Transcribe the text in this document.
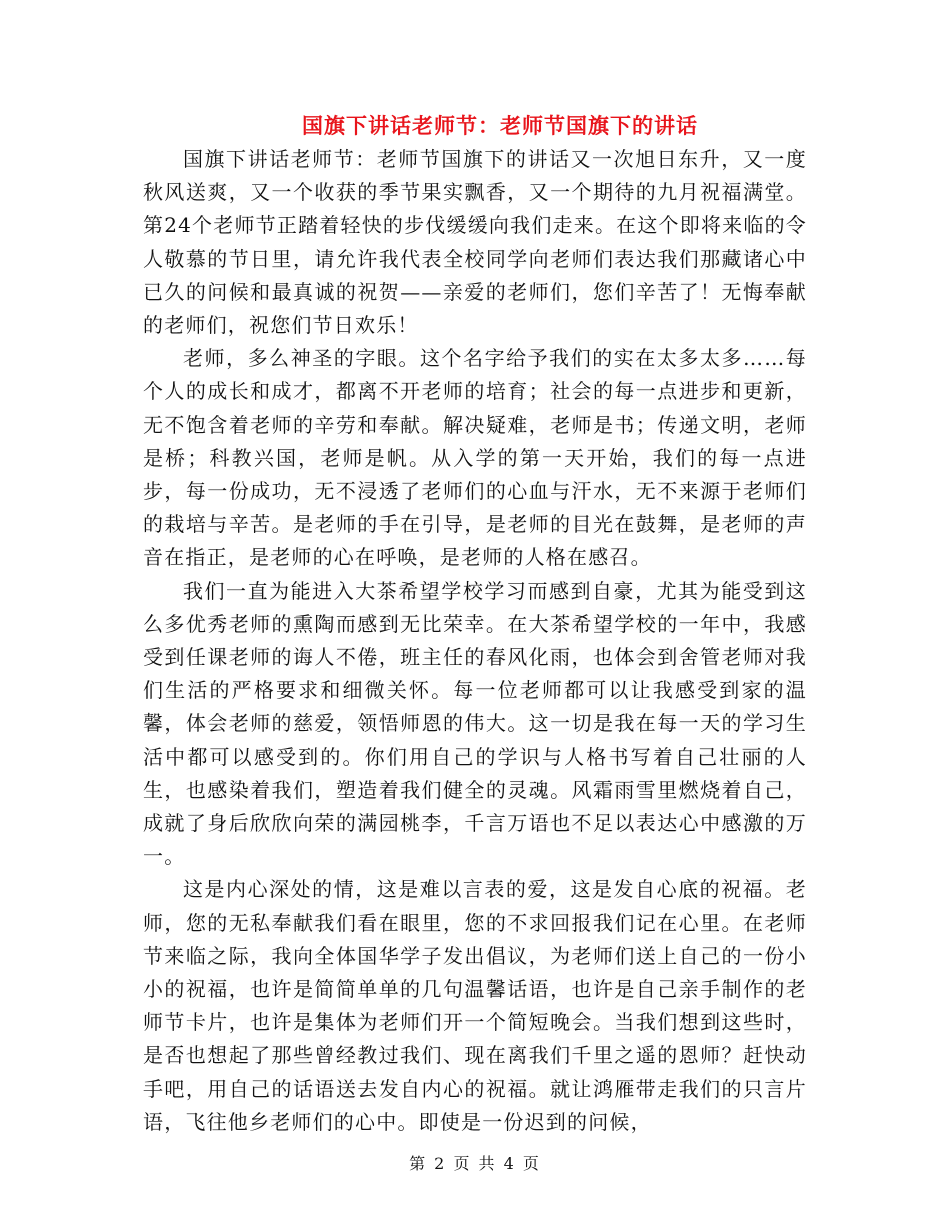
国旗下讲话老师节：老师节国旗下的讲话

国旗下讲话老师节：老师节国旗下的讲话又一次旭日东升，又一度秋风送爽，又一个收获的季节果实飘香，又一个期待的九月祝福满堂。第24个老师节正踏着轻快的步伐缓缓向我们走来。在这个即将来临的令人敬慕的节日里，请允许我代表全校同学向老师们表达我们那藏诸心中已久的问候和最真诚的祝贺——亲爱的老师们，您们辛苦了！无悔奉献的老师们，祝您们节日欢乐！

老师，多么神圣的字眼。这个名字给予我们的实在太多太多……每个人的成长和成才，都离不开老师的培育；社会的每一点进步和更新，无不饱含着老师的辛劳和奉献。解决疑难，老师是书；传递文明，老师是桥；科教兴国，老师是帆。从入学的第一天开始，我们的每一点进步，每一份成功，无不浸透了老师们的心血与汗水，无不来源于老师们的栽培与辛苦。是老师的手在引导，是老师的目光在鼓舞，是老师的声音在指正，是老师的心在呼唤，是老师的人格在感召。

我们一直为能进入大茶希望学校学习而感到自豪，尤其为能受到这么多优秀老师的熏陶而感到无比荣幸。在大茶希望学校的一年中，我感受到任课老师的诲人不倦，班主任的春风化雨，也体会到舍管老师对我们生活的严格要求和细微关怀。每一位老师都可以让我感受到家的温馨，体会老师的慈爱，领悟师恩的伟大。这一切是我在每一天的学习生活中都可以感受到的。你们用自己的学识与人格书写着自己壮丽的人生，也感染着我们，塑造着我们健全的灵魂。风霜雨雪里燃烧着自己，成就了身后欣欣向荣的满园桃李，千言万语也不足以表达心中感激的万一。

这是内心深处的情，这是难以言表的爱，这是发自心底的祝福。老师，您的无私奉献我们看在眼里，您的不求回报我们记在心里。在老师节来临之际，我向全体国华学子发出倡议，为老师们送上自己的一份小小的祝福，也许是简简单单的几句温馨话语，也许是自己亲手制作的老师节卡片，也许是集体为老师们开一个简短晚会。当我们想到这些时，是否也想起了那些曾经教过我们、现在离我们千里之遥的恩师？赶快动手吧，用自己的话语送去发自内心的祝福。就让鸿雁带走我们的只言片语，飞往他乡老师们的心中。即使是一份迟到的问候，

第 2 页 共 4 页
